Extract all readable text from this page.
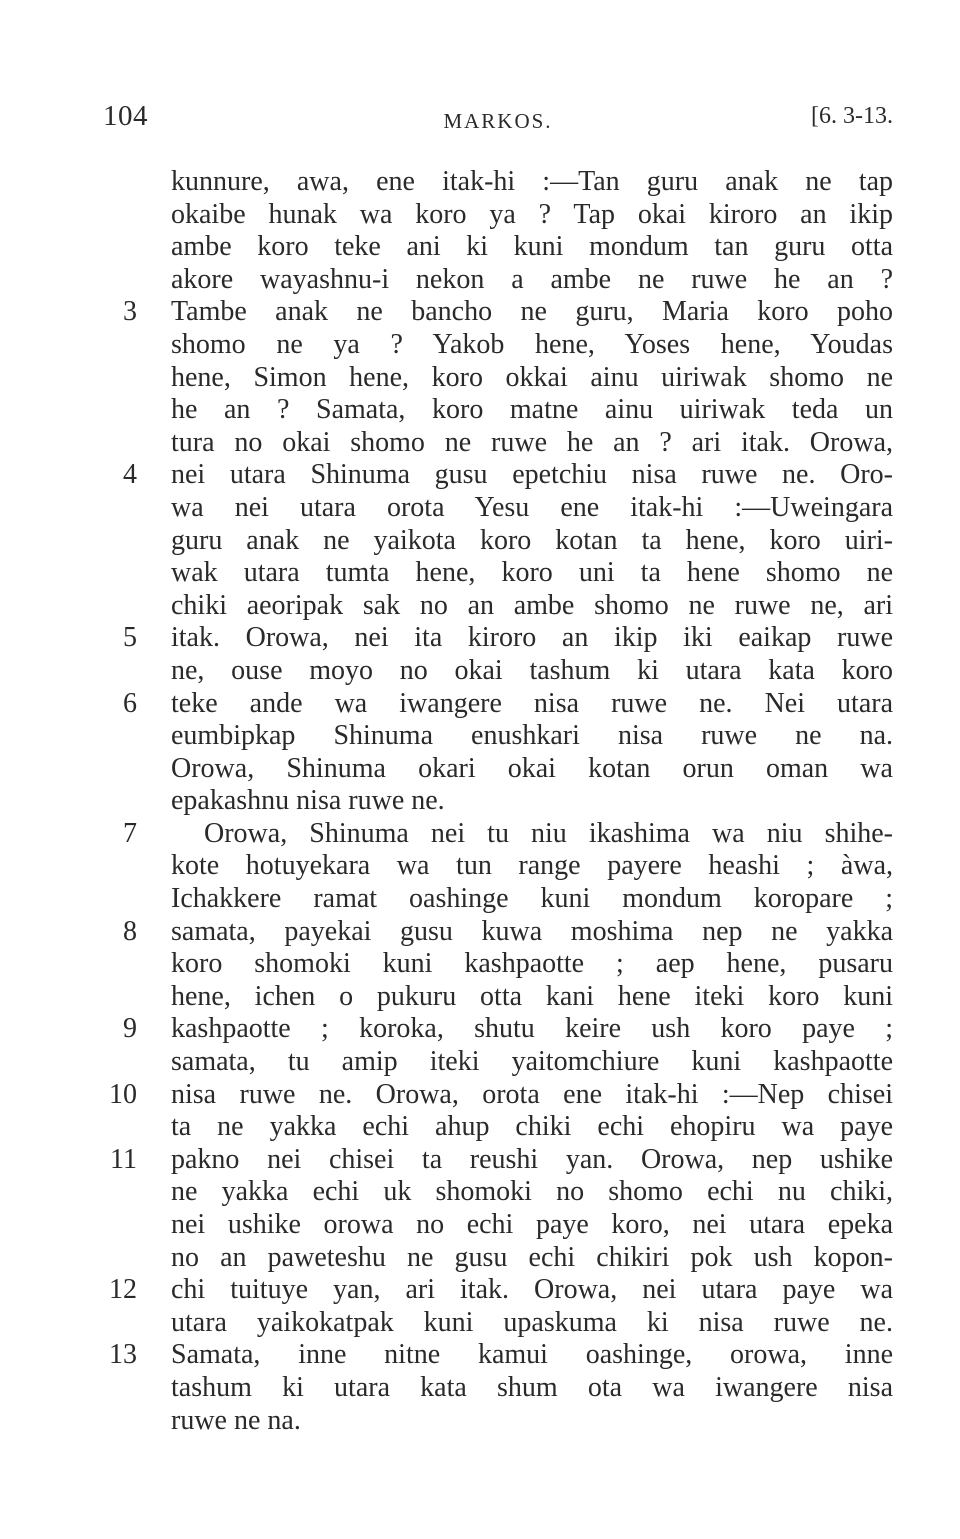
104	MARKOS.	[6. 3-13.
kunnure, awa, ene itak-hi :—Tan guru anak ne tap
okaibe hunak wa koro ya ? Tap okai kiroro an ikip
ambe koro teke ani ki kuni mondum tan guru otta
akore wayashnu-i nekon a ambe ne ruwe he an ?
3 Tambe anak ne bancho ne guru, Maria koro poho
shomo ne ya ? Yakob hene, Yoses hene, Youdas
hene, Simon hene, koro okkai ainu uiriwak shomo ne
he an ? Samata, koro matne ainu uiriwak teda un
tura no okai shomo ne ruwe he an ? ari itak. Orowa,
4 nei utara Shinuma gusu epetchiu nisa ruwe ne. Oro-
wa nei utara orota Yesu ene itak-hi :—Uweingara
guru anak ne yaikota koro kotan ta hene, koro uiri-
wak utara tumta hene, koro uni ta hene shomo ne
chiki aeoripak sak no an ambe shomo ne ruwe ne, ari
5 itak. Orowa, nei ita kiroro an ikip iki eaikap ruwe
ne, ouse moyo no okai tashum ki utara kata koro
6 teke ande wa iwangere nisa ruwe ne. Nei utara
eumbipkap Shinuma enushkari nisa ruwe ne na.
Orowa, Shinuma okari okai kotan orun oman wa
epakashnu nisa ruwe ne.
7	Orowa, Shinuma nei tu niu ikashima wa niu shihe-
kote hotuyekara wa tun range payere heashi ; àwa,
Ichakkere ramat oashinge kuni mondum koropare ;
8 samata, payekai gusu kuwa moshima nep ne yakka
koro shomoki kuni kashpaotte ; aep hene, pusaru
hene, ichen o pukuru otta kani hene iteki koro kuni
9 kashpaotte ; koroka, shutu keire ush koro paye ;
samata, tu amip iteki yaitomchiure kuni kashpaotte
10 nisa ruwe ne. Orowa, orota ene itak-hi :—Nep chisei
ta ne yakka echi ahup chiki echi ehopiru wa paye
11 pakno nei chisei ta reushi yan. Orowa, nep ushike
ne yakka echi uk shomoki no shomo echi nu chiki,
nei ushike orowa no echi paye koro, nei utara epeka
no an paweteshu ne gusu echi chikiri pok ush kopon-
12 chi tuituye yan, ari itak. Orowa, nei utara paye wa
utara yaikokatpak kuni upaskuma ki nisa ruwe ne.
13 Samata, inne nitne kamui oashinge, orowa, inne
tashum ki utara kata shum ota wa iwangere nisa
ruwe ne na.
